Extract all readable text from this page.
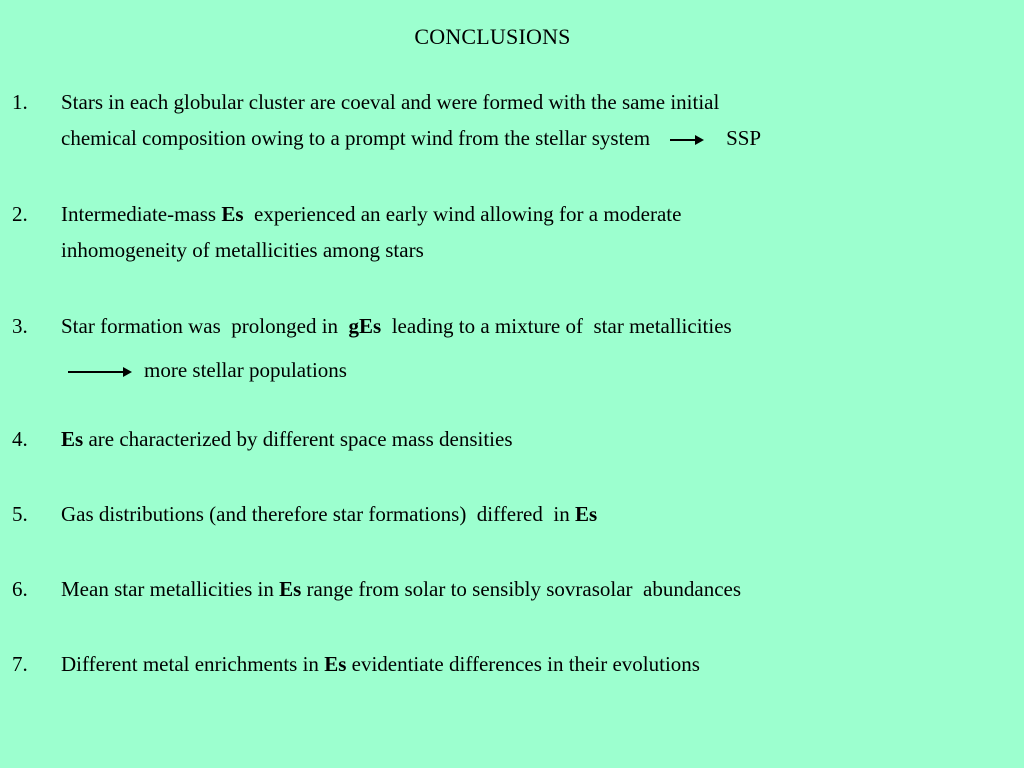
CONCLUSIONS
1.	Stars in each globular cluster are coeval and were formed with the same initial
chemical composition owing to a prompt wind from the stellar system	SSP
2.	Intermediate-mass Es  experienced an early wind allowing for a moderate
inhomogeneity of metallicities among stars
3.	Star formation was  prolonged in  gEs  leading to a mixture of  star metallicities
more stellar populations
4.	Es are characterized by different space mass densities
5.	Gas distributions (and therefore star formations)  differed  in Es
6.	Mean star metallicities in Es range from solar to sensibly sovrasolar  abundances
7.	Different metal enrichments in Es evidentiate differences in their evolutions
